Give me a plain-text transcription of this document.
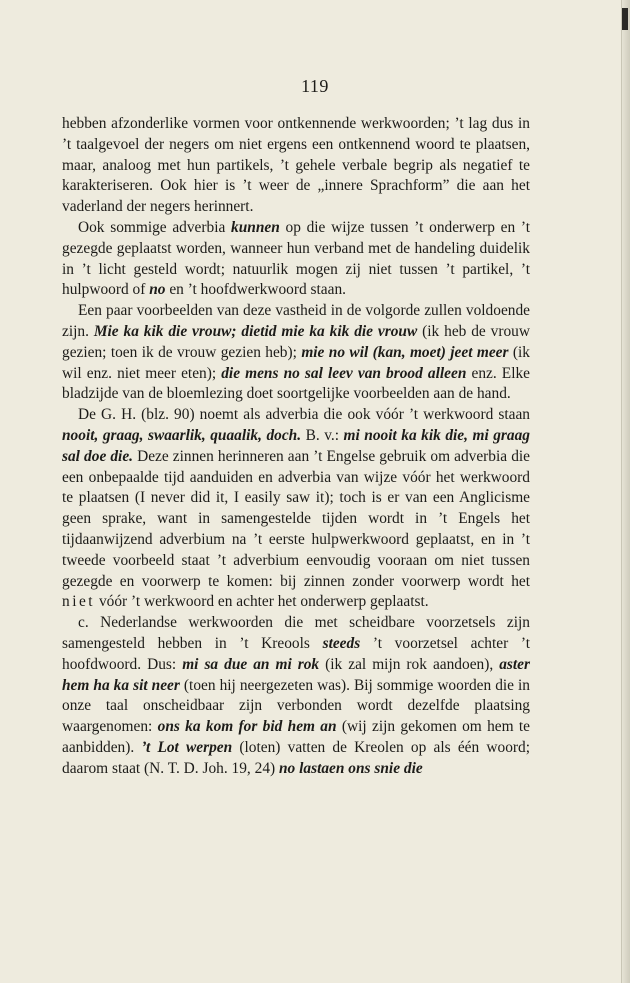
119

hebben afzonderlike vormen voor ontkennende werkwoorden; ’t lag dus in ’t taalgevoel der negers om niet ergens een ontkennend woord te plaatsen, maar, analoog met hun partikels, ’t gehele verbale begrip als negatief te karakteriseren. Ook hier is ’t weer de „innere Sprachform” die aan het vaderland der negers herinnert.

Ook sommige adverbia kunnen op die wijze tussen ’t onderwerp en ’t gezegde geplaatst worden, wanneer hun verband met de handeling duidelik in ’t licht gesteld wordt; natuurlik mogen zij niet tussen ’t partikel, ’t hulpwoord of no en ’t hoofdwerkwoord staan.

Een paar voorbeelden van deze vastheid in de volgorde zullen voldoende zijn. Mie ka kik die vrouw; dietid mie ka kik die vrouw (ik heb de vrouw gezien; toen ik de vrouw gezien heb); mie no wil (kan, moet) jeet meer (ik wil enz. niet meer eten); die mens no sal leev van brood alleen enz. Elke bladzijde van de bloemlezing doet soortgelijke voorbeelden aan de hand.

De G. H. (blz. 90) noemt als adverbia die ook vóór ’t werkwoord staan nooit, graag, swaarlik, quaalik, doch. B. v.: mi nooit ka kik die, mi graag sal doe die. Deze zinnen herinneren aan ’t Engelse gebruik om adverbia die een onbepaalde tijd aanduiden en adverbia van wijze vóór het werkwoord te plaatsen (I never did it, I easily saw it); toch is er van een Anglicisme geen sprake, want in samengestelde tijden wordt in ’t Engels het tijdaanwijzend adverbium na ’t eerste hulpwerkwoord geplaatst, en in ’t tweede voorbeeld staat ’t adverbium eenvoudig vooraan om niet tussen gezegde en voorwerp te komen: bij zinnen zonder voorwerp wordt het niet vóór ’t werkwoord en achter het onderwerp geplaatst.

c. Nederlandse werkwoorden die met scheidbare voorzetsels zijn samengesteld hebben in ’t Kreools steeds ’t voorzetsel achter ’t hoofdwoord. Dus: mi sa due an mi rok (ik zal mijn rok aandoen), aster hem ha ka sit neer (toen hij neergezeten was). Bij sommige woorden die in onze taal onscheidbaar zijn verbonden wordt dezelfde plaatsing waargenomen: ons ka kom for bid hem an (wij zijn gekomen om hem te aanbidden). ’t Lot werpen (loten) vatten de Kreolen op als één woord; daarom staat (N. T. D. Joh. 19, 24) no lastaen ons snie die
